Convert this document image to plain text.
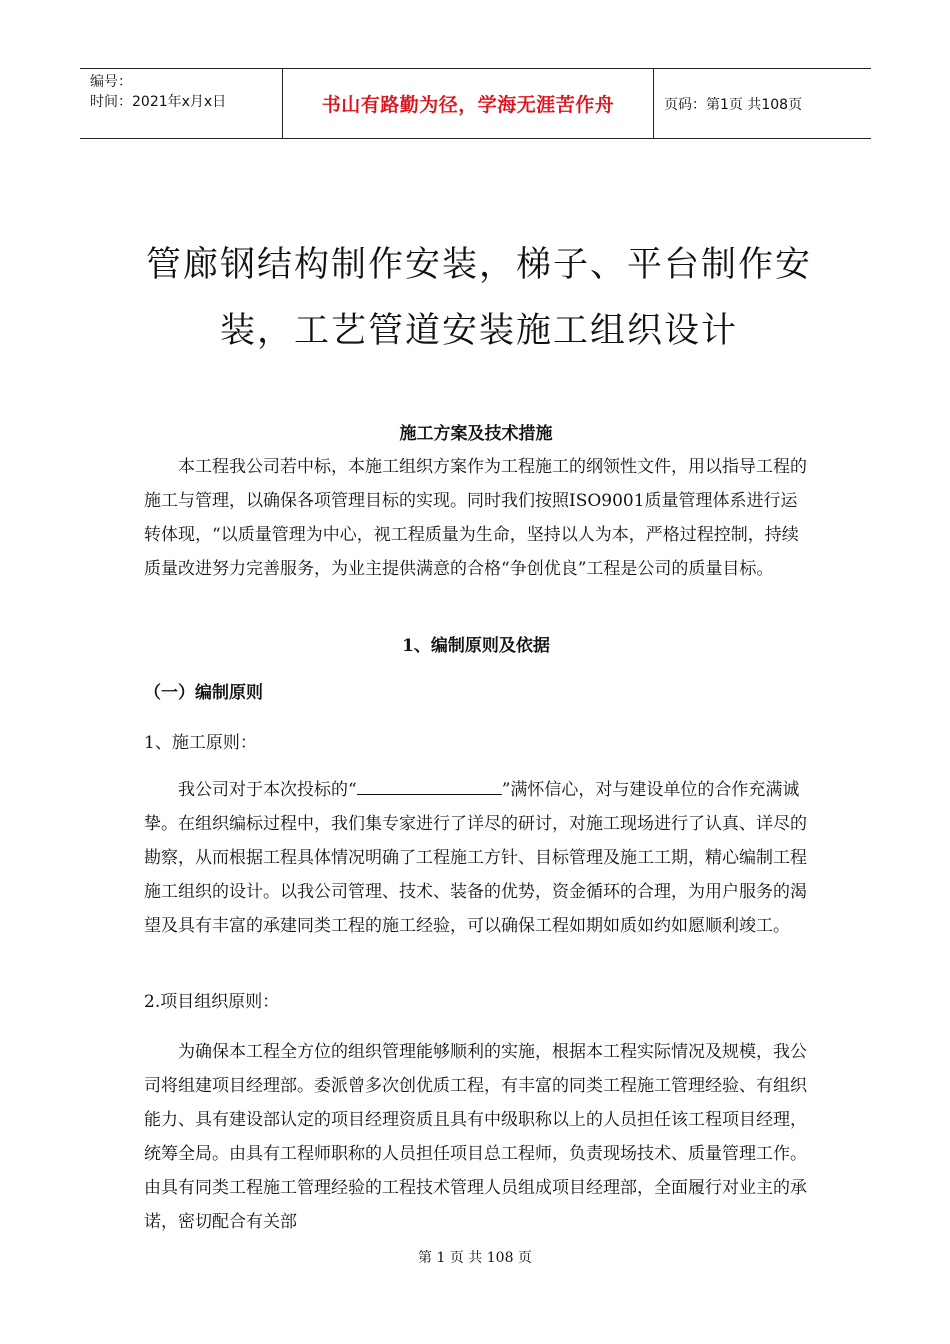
编号：
时间：2021年x月x日	书山有路勤为径，学海无涯苦作舟	页码：第1页 共108页
管廊钢结构制作安装，梯子、平台制作安装，工艺管道安装施工组织设计
施工方案及技术措施
本工程我公司若中标，本施工组织方案作为工程施工的纲领性文件，用以指导工程的施工与管理，以确保各项管理目标的实现。同时我们按照ISO9001质量管理体系进行运转体现，“以质量管理为中心，视工程质量为生命，坚持以人为本，严格过程控制，持续质量改进努力完善服务，为业主提供满意的合格“争创优良”工程是公司的质量目标。
1、编制原则及依据
（一）编制原则
1、施工原则：
我公司对于本次投标的“	”满怀信心，对与建设单位的合作充满诚挚。在组织编标过程中，我们集专家进行了详尽的研讨，对施工现场进行了认真、详尽的勘察，从而根据工程具体情况明确了工程施工方针、目标管理及施工工期，精心编制工程施工组织的设计。以我公司管理、技术、装备的优势，资金循环的合理，为用户服务的渴望及具有丰富的承建同类工程的施工经验，可以确保工程如期如质如约如愿顺利竣工。
2.项目组织原则：
为确保本工程全方位的组织管理能够顺利的实施，根据本工程实际情况及规模，我公司将组建项目经理部。委派曾多次创优质工程，有丰富的同类工程施工管理经验、有组织能力、具有建设部认定的项目经理资质且具有中级职称以上的人员担任该工程项目经理，统筹全局。由具有工程师职称的人员担任项目总工程师，负责现场技术、质量管理工作。由具有同类工程施工管理经验的工程技术管理人员组成项目经理部，全面履行对业主的承诺，密切配合有关部
第 1 页 共 108 页
